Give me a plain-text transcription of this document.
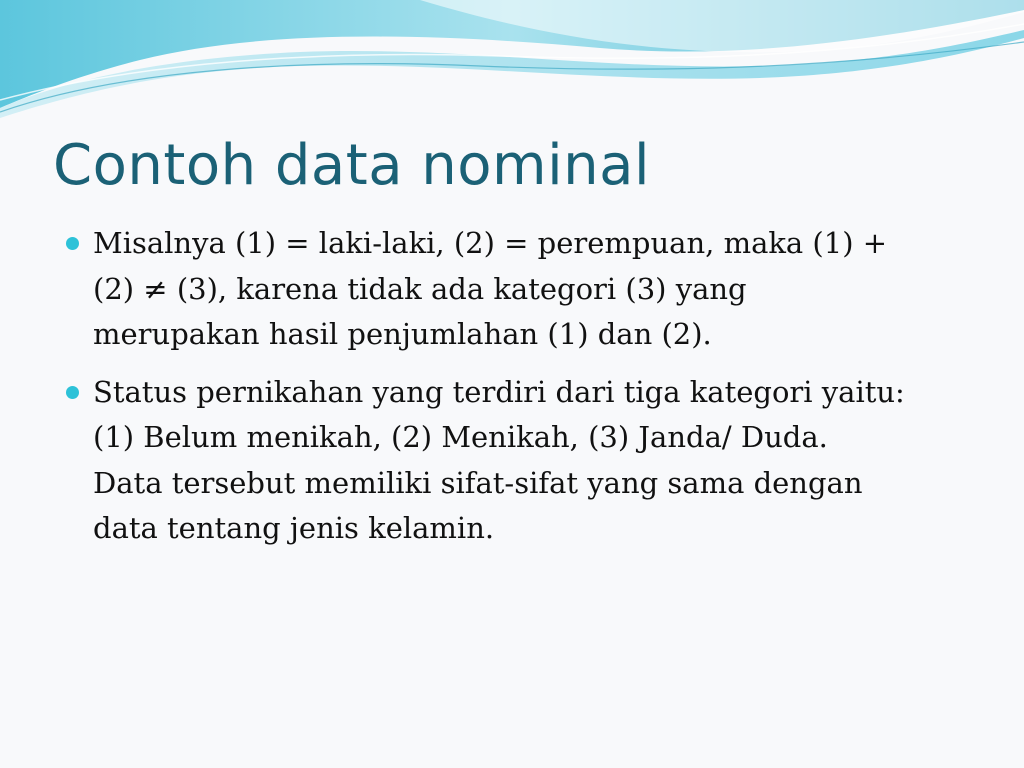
Contoh data nominal
Misalnya (1) = laki-laki, (2) = perempuan, maka (1) +
(2) ≠ (3), karena tidak ada kategori (3) yang
merupakan hasil penjumlahan (1) dan (2).
Status pernikahan yang terdiri dari tiga kategori yaitu:
(1) Belum menikah, (2) Menikah, (3) Janda/ Duda.
Data tersebut memiliki sifat-sifat yang sama dengan
data tentang jenis kelamin.
